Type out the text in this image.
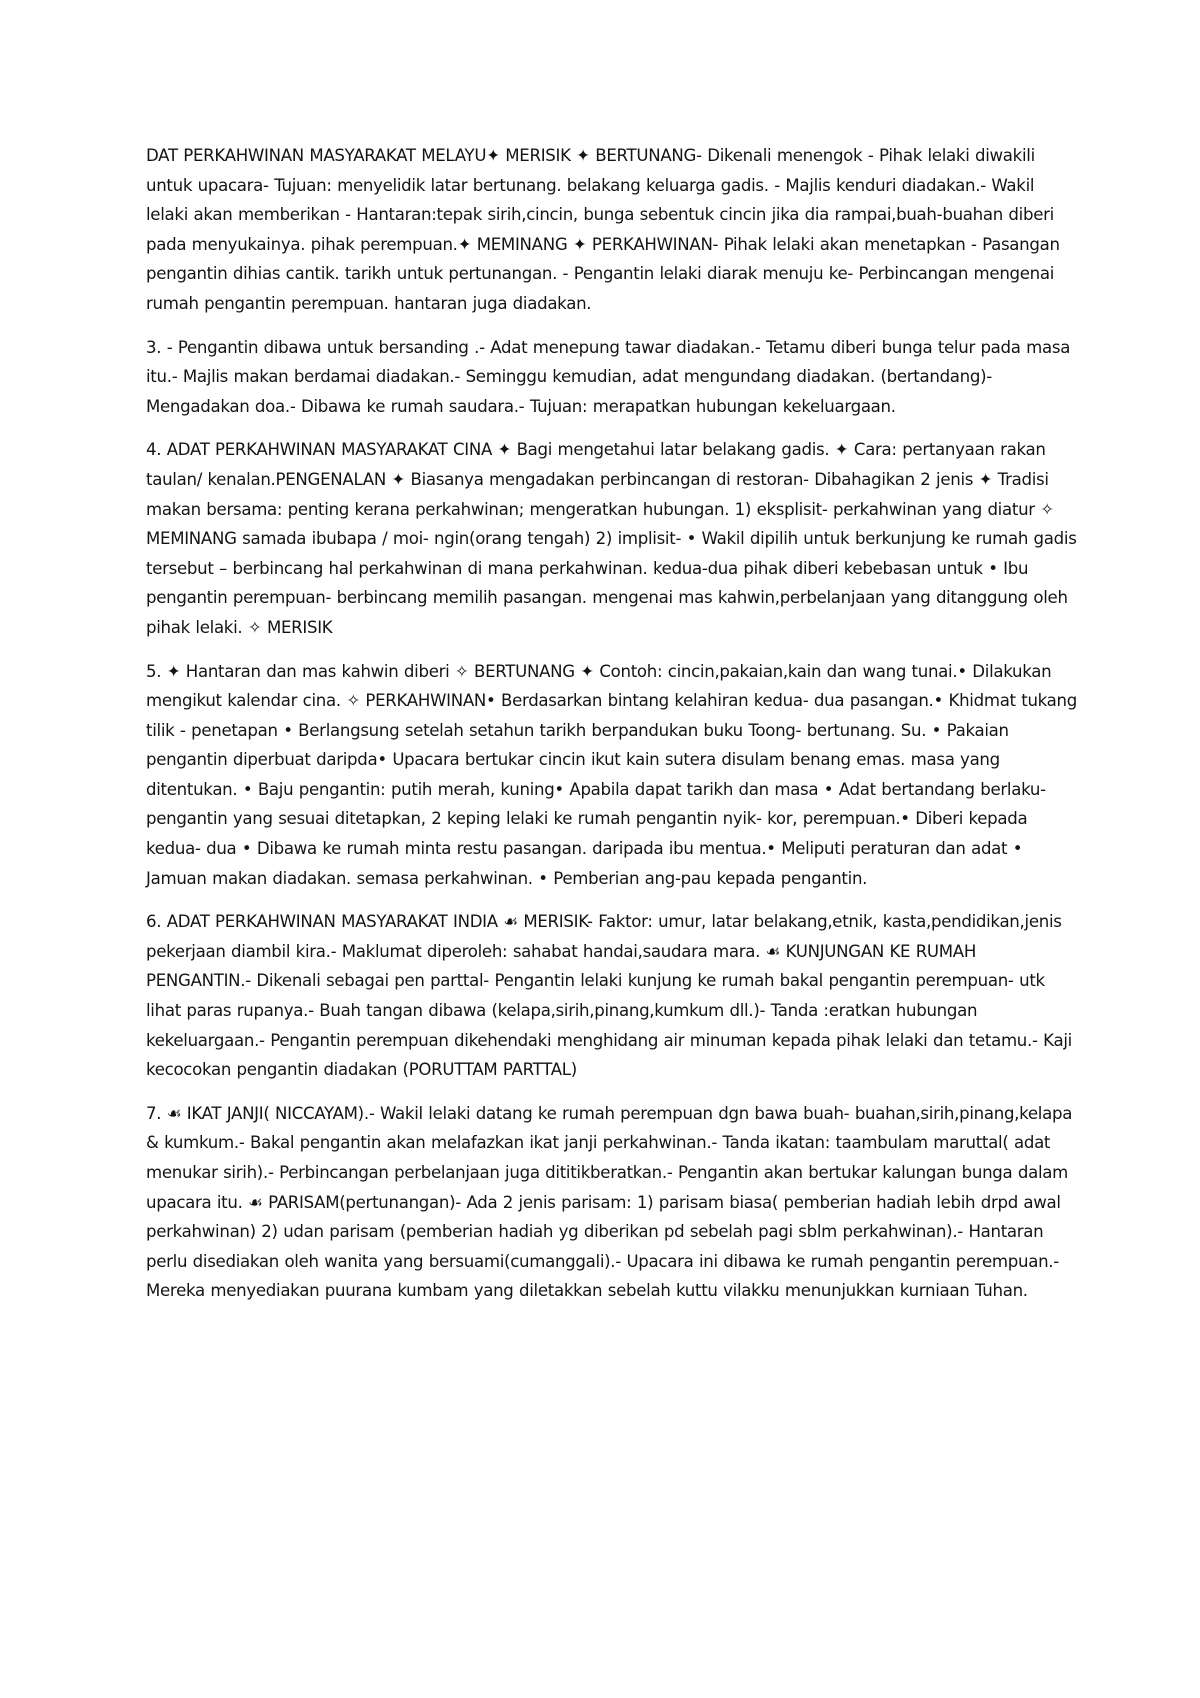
DAT PERKAHWINAN MASYARAKAT MELAYU✦ MERISIK ✦ BERTUNANG- Dikenali menengok - Pihak lelaki diwakili untuk upacara- Tujuan: menyelidik latar bertunang. belakang keluarga gadis. - Majlis kenduri diadakan.- Wakil lelaki akan memberikan - Hantaran:tepak sirih,cincin, bunga sebentuk cincin jika dia rampai,buah-buahan diberi pada menyukainya. pihak perempuan.✦ MEMINANG ✦ PERKAHWINAN- Pihak lelaki akan menetapkan - Pasangan pengantin dihias cantik. tarikh untuk pertunangan. - Pengantin lelaki diarak menuju ke- Perbincangan mengenai rumah pengantin perempuan. hantaran juga diadakan.

3. - Pengantin dibawa untuk bersanding .- Adat menepung tawar diadakan.- Tetamu diberi bunga telur pada masa itu.- Majlis makan berdamai diadakan.- Seminggu kemudian, adat mengundang diadakan. (bertandang)- Mengadakan doa.- Dibawa ke rumah saudara.- Tujuan: merapatkan hubungan kekeluargaan.

4. ADAT PERKAHWINAN MASYARAKAT CINA ✦ Bagi mengetahui latar belakang gadis. ✦ Cara: pertanyaan rakan taulan/ kenalan.PENGENALAN ✦ Biasanya mengadakan perbincangan di restoran- Dibahagikan 2 jenis ✦ Tradisi makan bersama: penting kerana perkahwinan; mengeratkan hubungan. 1) eksplisit- perkahwinan yang diatur ✧ MEMINANG samada ibubapa / moi- ngin(orang tengah) 2) implisit- • Wakil dipilih untuk berkunjung ke rumah gadis tersebut – berbincang hal perkahwinan di mana perkahwinan. kedua-dua pihak diberi kebebasan untuk • Ibu pengantin perempuan- berbincang memilih pasangan. mengenai mas kahwin,perbelanjaan yang ditanggung oleh pihak lelaki. ✧ MERISIK

5. ✦ Hantaran dan mas kahwin diberi ✧ BERTUNANG ✦ Contoh: cincin,pakaian,kain dan wang tunai.• Dilakukan mengikut kalendar cina. ✧ PERKAHWINAN• Berdasarkan bintang kelahiran kedua- dua pasangan.• Khidmat tukang tilik - penetapan • Berlangsung setelah setahun tarikh berpandukan buku Toong- bertunang. Su. • Pakaian pengantin diperbuat daripda• Upacara bertukar cincin ikut kain sutera disulam benang emas. masa yang ditentukan. • Baju pengantin: putih merah, kuning• Apabila dapat tarikh dan masa • Adat bertandang berlaku- pengantin yang sesuai ditetapkan, 2 keping lelaki ke rumah pengantin nyik- kor, perempuan.• Diberi kepada kedua- dua • Dibawa ke rumah minta restu pasangan. daripada ibu mentua.• Meliputi peraturan dan adat • Jamuan makan diadakan. semasa perkahwinan. • Pemberian ang-pau kepada pengantin.

6. ADAT PERKAHWINAN MASYARAKAT INDIA ☙ MERISIK- Faktor: umur, latar belakang,etnik, kasta,pendidikan,jenis pekerjaan diambil kira.- Maklumat diperoleh: sahabat handai,saudara mara. ☙ KUNJUNGAN KE RUMAH PENGANTIN.- Dikenali sebagai pen parttal- Pengantin lelaki kunjung ke rumah bakal pengantin perempuan- utk lihat paras rupanya.- Buah tangan dibawa (kelapa,sirih,pinang,kumkum dll.)- Tanda :eratkan hubungan kekeluargaan.- Pengantin perempuan dikehendaki menghidang air minuman kepada pihak lelaki dan tetamu.- Kaji kecocokan pengantin diadakan (PORUTTAM PARTTAL)

7. ☙ IKAT JANJI( NICCAYAM).- Wakil lelaki datang ke rumah perempuan dgn bawa buah- buahan,sirih,pinang,kelapa & kumkum.- Bakal pengantin akan melafazkan ikat janji perkahwinan.- Tanda ikatan: taambulam maruttal( adat menukar sirih).- Perbincangan perbelanjaan juga dititikberatkan.- Pengantin akan bertukar kalungan bunga dalam upacara itu. ☙ PARISAM(pertunangan)- Ada 2 jenis parisam: 1) parisam biasa( pemberian hadiah lebih drpd awal perkahwinan) 2) udan parisam (pemberian hadiah yg diberikan pd sebelah pagi sblm perkahwinan).- Hantaran perlu disediakan oleh wanita yang bersuami(cumanggali).- Upacara ini dibawa ke rumah pengantin perempuan.- Mereka menyediakan puurana kumbam yang diletakkan sebelah kuttu vilakku menunjukkan kurniaan Tuhan.
